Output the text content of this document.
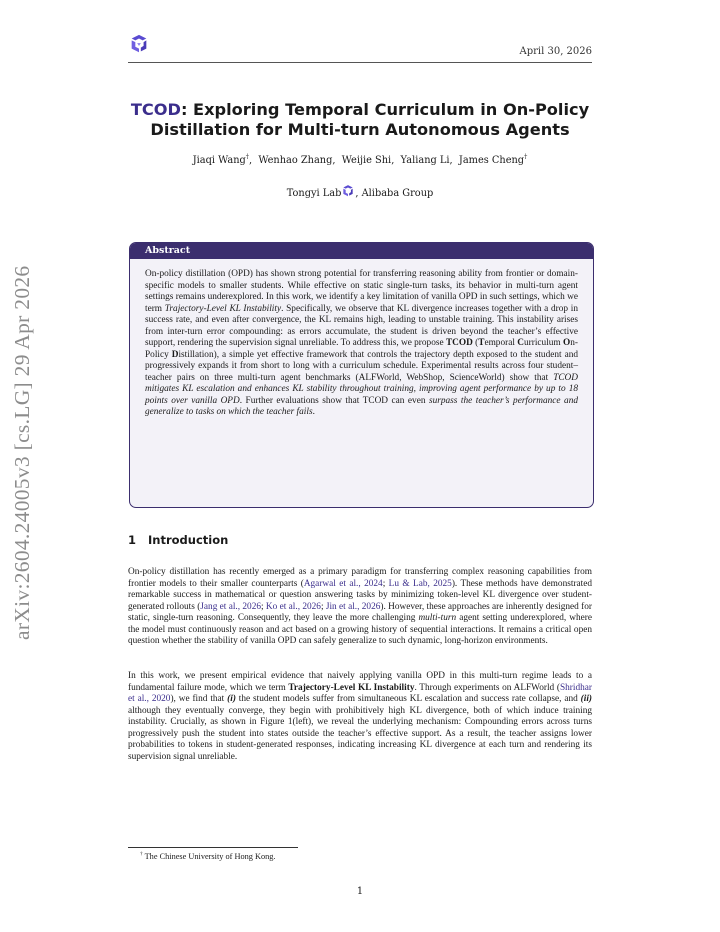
April 30, 2026
arXiv:2604.24005v3 [cs.LG] 29 Apr 2026
TCOD: Exploring Temporal Curriculum in On-Policy
Distillation for Multi-turn Autonomous Agents
Jiaqi Wang†,  Wenhao Zhang,  Weijie Shi,  Yaliang Li,  James Cheng†
Tongyi Lab , Alibaba Group
Abstract
On-policy distillation (OPD) has shown strong potential for transferring reasoning ability from frontier or domain-specific models to smaller students. While effective on static single-turn tasks, its behavior in multi-turn agent settings remains underexplored. In this work, we identify a key limitation of vanilla OPD in such settings, which we term Trajectory-Level KL Instability. Specifically, we observe that KL divergence increases together with a drop in success rate, and even after convergence, the KL remains high, leading to unstable training. This instability arises from inter-turn error compounding: as errors accumulate, the student is driven beyond the teacher’s effective support, rendering the supervision signal unreliable. To address this, we propose TCOD (Temporal Curriculum On-Policy Distillation), a simple yet effective framework that controls the trajectory depth exposed to the student and progressively expands it from short to long with a curriculum schedule. Experimental results across four student–teacher pairs on three multi-turn agent benchmarks (ALFWorld, WebShop, ScienceWorld) show that TCOD mitigates KL escalation and enhances KL stability throughout training, improving agent performance by up to 18 points over vanilla OPD. Further evaluations show that TCOD can even surpass the teacher’s performance and generalize to tasks on which the teacher fails.
1 Introduction
On-policy distillation has recently emerged as a primary paradigm for transferring complex reasoning capabilities from frontier models to their smaller counterparts (Agarwal et al., 2024; Lu & Lab, 2025). These methods have demonstrated remarkable success in mathematical or question answering tasks by minimizing token-level KL divergence over student-generated rollouts (Jang et al., 2026; Ko et al., 2026; Jin et al., 2026). However, these approaches are inherently designed for static, single-turn reasoning. Consequently, they leave the more challenging multi-turn agent setting underexplored, where the model must continuously reason and act based on a growing history of sequential interactions. It remains a critical open question whether the stability of vanilla OPD can safely generalize to such dynamic, long-horizon environments.
In this work, we present empirical evidence that naively applying vanilla OPD in this multi-turn regime leads to a fundamental failure mode, which we term Trajectory-Level KL Instability. Through experiments on ALFWorld (Shridhar et al., 2020), we find that (i) the student models suffer from simultaneous KL escalation and success rate collapse, and (ii) although they eventually converge, they begin with prohibitively high KL divergence, both of which induce training instability. Crucially, as shown in Figure 1(left), we reveal the underlying mechanism: Compounding errors across turns progressively push the student into states outside the teacher’s effective support. As a result, the teacher assigns lower probabilities to tokens in student-generated responses, indicating increasing KL divergence at each turn and rendering its supervision signal unreliable.
† The Chinese University of Hong Kong.
1
